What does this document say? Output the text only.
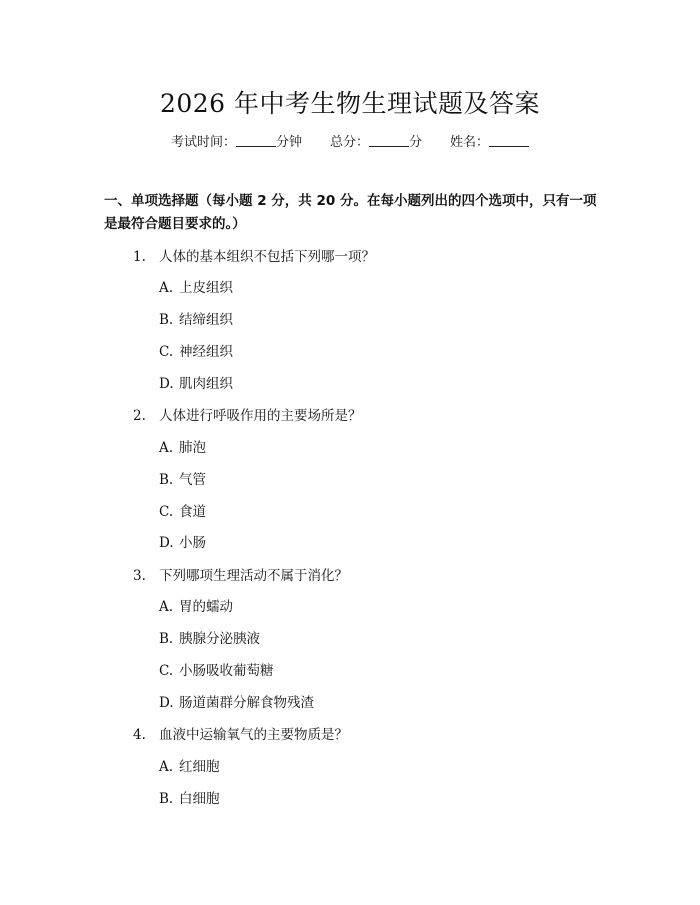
2026 年中考生物生理试题及答案
考试时间：	分钟 总分：	分 姓名：
一、单项选择题（每小题 2 分，共 20 分。在每小题列出的四个选项中，只有一项是最符合题目要求的。）
1. 人体的基本组织不包括下列哪一项？
A. 上皮组织
B. 结缔组织
C. 神经组织
D. 肌肉组织
2. 人体进行呼吸作用的主要场所是？
A. 肺泡
B. 气管
C. 食道
D. 小肠
3. 下列哪项生理活动不属于消化？
A. 胃的蠕动
B. 胰腺分泌胰液
C. 小肠吸收葡萄糖
D. 肠道菌群分解食物残渣
4. 血液中运输氧气的主要物质是？
A. 红细胞
B. 白细胞
